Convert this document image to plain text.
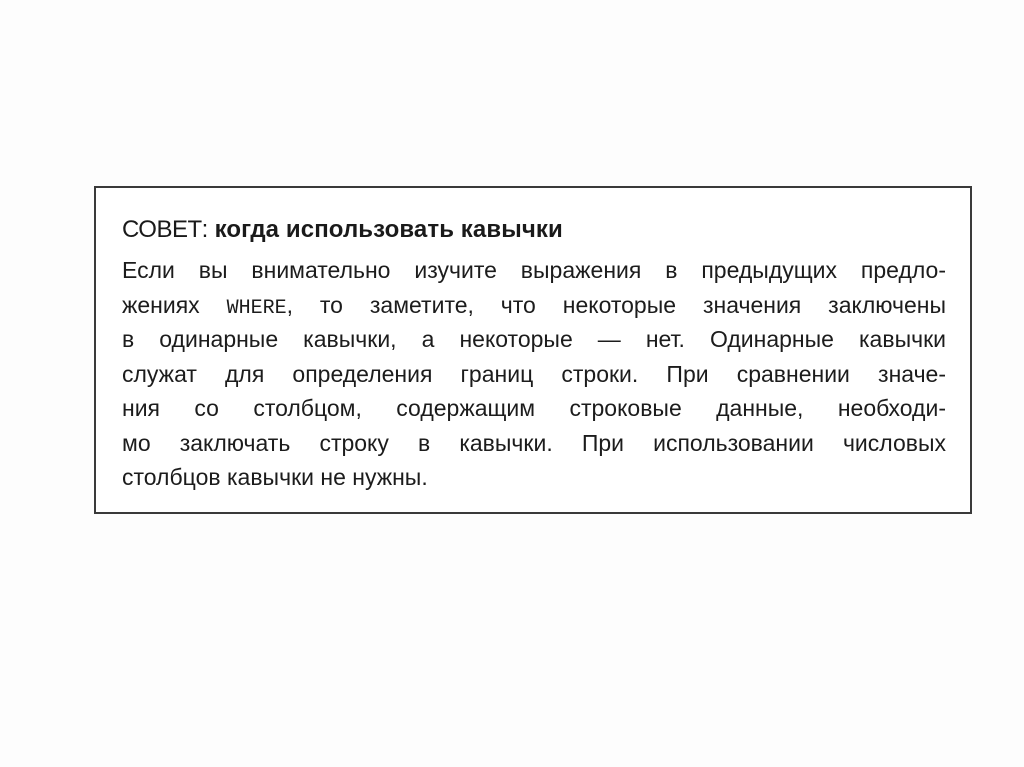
СОВЕТ: когда использовать кавычки
Если вы внимательно изучите выражения в предыдущих предло-
жениях WHERE, то заметите, что некоторые значения заключены
в одинарные кавычки, а некоторые — нет. Одинарные кавычки
служат для определения границ строки. При сравнении значе-
ния со столбцом, содержащим строковые данные, необходи-
мо заключать строку в кавычки. При использовании числовых
столбцов кавычки не нужны.
